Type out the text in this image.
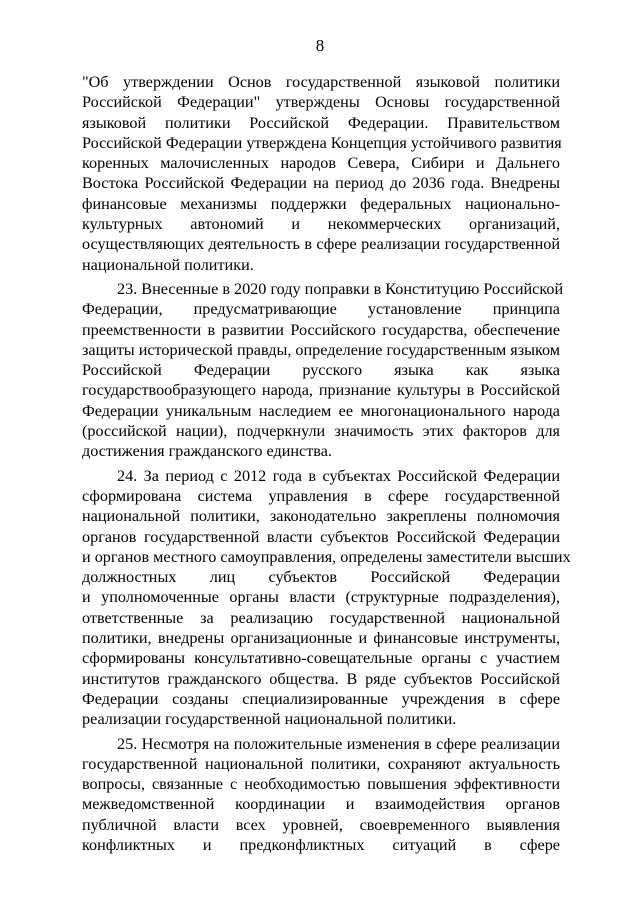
8
"Об утверждении Основ государственной языковой политики
Российской Федерации" утверждены Основы государственной
языковой политики Российской Федерации. Правительством
Российской Федерации утверждена Концепция устойчивого развития
коренных малочисленных народов Севера, Сибири и Дальнего
Востока Российской Федерации на период до 2036 года. Внедрены
финансовые механизмы поддержки федеральных национально-
культурных автономий и некоммерческих организаций,
осуществляющих деятельность в сфере реализации государственной
национальной политики.
23. Внесенные в 2020 году поправки в Конституцию Российской
Федерации, предусматривающие установление принципа
преемственности в развитии Российского государства, обеспечение
защиты исторической правды, определение государственным языком
Российской Федерации русского языка как языка
государствообразующего народа, признание культуры в Российской
Федерации уникальным наследием ее многонационального народа
(российской нации), подчеркнули значимость этих факторов для
достижения гражданского единства.
24. За период с 2012 года в субъектах Российской Федерации
сформирована система управления в сфере государственной
национальной политики, законодательно закреплены полномочия
органов государственной власти субъектов Российской Федерации
и органов местного самоуправления, определены заместители высших
должностных лиц субъектов Российской Федерации
и уполномоченные органы власти (структурные подразделения),
ответственные за реализацию государственной национальной
политики, внедрены организационные и финансовые инструменты,
сформированы консультативно-совещательные органы с участием
институтов гражданского общества. В ряде субъектов Российской
Федерации созданы специализированные учреждения в сфере
реализации государственной национальной политики.
25. Несмотря на положительные изменения в сфере реализации
государственной национальной политики, сохраняют актуальность
вопросы, связанные с необходимостью повышения эффективности
межведомственной координации и взаимодействия органов
публичной власти всех уровней, своевременного выявления
конфликтных и предконфликтных ситуаций в сфере
